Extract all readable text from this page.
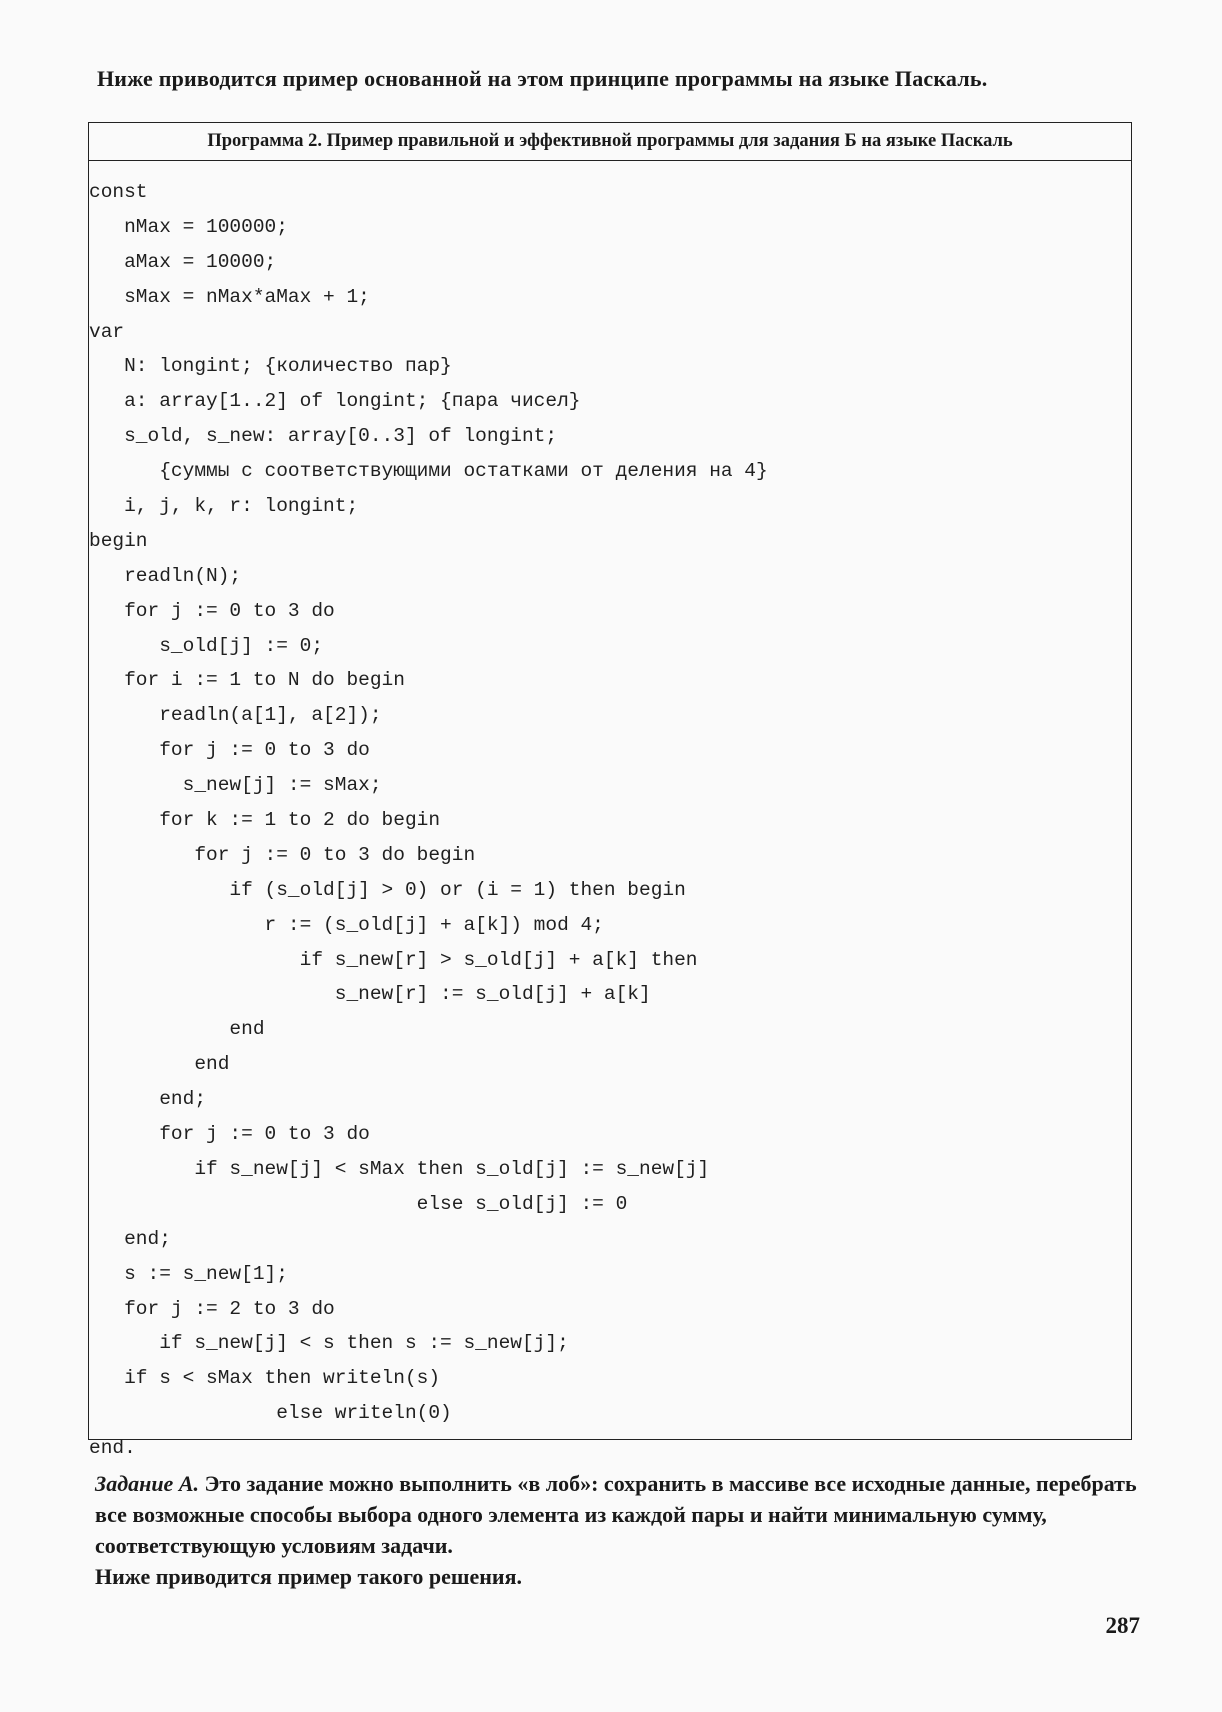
Ниже приводится пример основанной на этом принципе программы на языке Паскаль.
Программа 2. Пример правильной и эффективной программы для задания Б на языке Паскаль
const
nMax = 100000;
aMax = 10000;
sMax = nMax*aMax + 1;
var
N: longint; {количество пар}
a: array[1..2] of longint; {пара чисел}
s_old, s_new: array[0..3] of longint;
{суммы с соответствующими остатками от деления на 4}
i, j, k, r: longint;
begin
readln(N);
for j := 0 to 3 do
s_old[j] := 0;
for i := 1 to N do begin
readln(a[1], a[2]);
for j := 0 to 3 do
s_new[j] := sMax;
for k := 1 to 2 do begin
for j := 0 to 3 do begin
if (s_old[j] > 0) or (i = 1) then begin
r := (s_old[j] + a[k]) mod 4;
if s_new[r] > s_old[j] + a[k] then
s_new[r] := s_old[j] + a[k]
end
end
end;
for j := 0 to 3 do
if s_new[j] < sMax then s_old[j] := s_new[j]
else s_old[j] := 0
end;
s := s_new[1];
for j := 2 to 3 do
if s_new[j] < s then s := s_new[j];
if s < sMax then writeln(s)
else writeln(0)
end.

Задание А. Это задание можно выполнить «в лоб»: сохранить в массиве все исходные данные, перебрать все возможные способы выбора одного элемента из каждой пары и найти минимальную сумму, соответствующую условиям задачи.

Ниже приводится пример такого решения.

287
